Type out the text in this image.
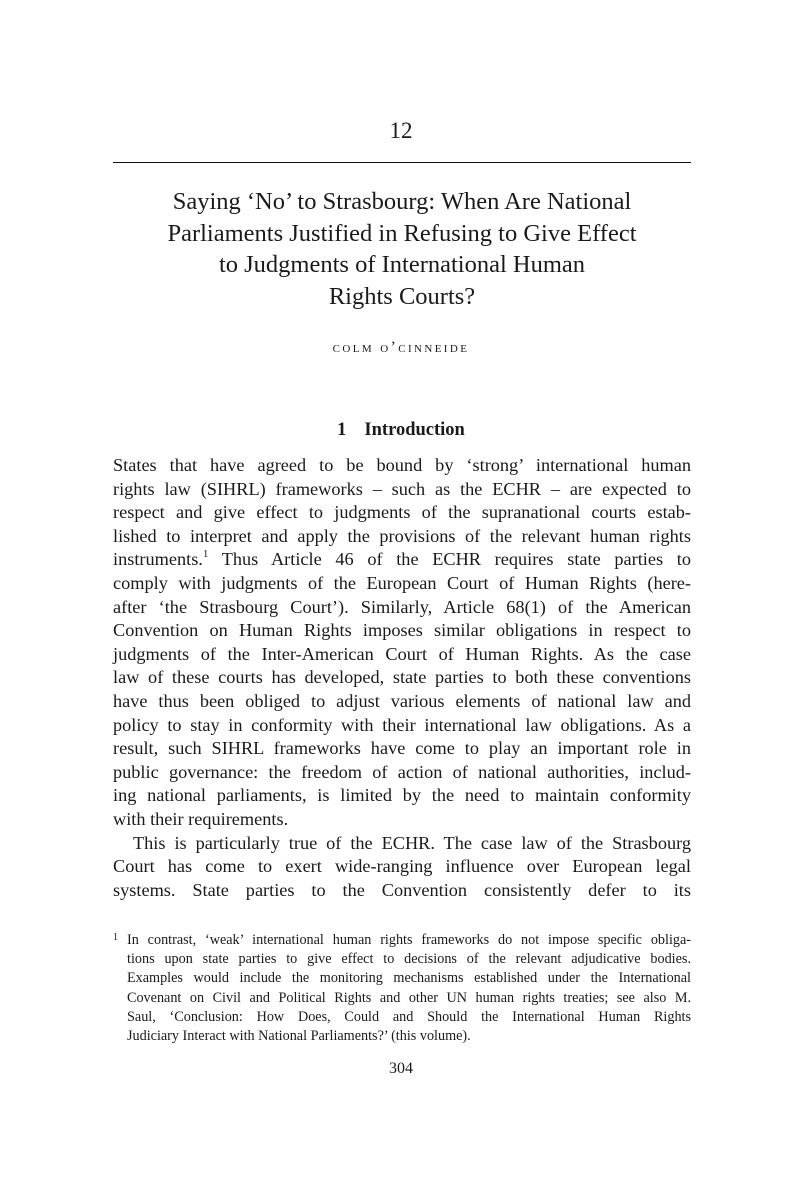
12
Saying ‘No’ to Strasbourg: When Are National
Parliaments Justified in Refusing to Give Effect
to Judgments of International Human
Rights Courts?
colm o’cinneide
1 Introduction
States that have agreed to be bound by ‘strong’ international human
rights law (SIHRL) frameworks – such as the ECHR – are expected to
respect and give effect to judgments of the supranational courts estab-
lished to interpret and apply the provisions of the relevant human rights
instruments.$^1$ Thus Article 46 of the ECHR requires state parties to
comply with judgments of the European Court of Human Rights (here-
after ‘the Strasbourg Court’). Similarly, Article 68(1) of the American
Convention on Human Rights imposes similar obligations in respect to
judgments of the Inter-American Court of Human Rights. As the case
law of these courts has developed, state parties to both these conventions
have thus been obliged to adjust various elements of national law and
policy to stay in conformity with their international law obligations. As a
result, such SIHRL frameworks have come to play an important role in
public governance: the freedom of action of national authorities, includ-
ing national parliaments, is limited by the need to maintain conformity
with their requirements.
This is particularly true of the ECHR. The case law of the Strasbourg
Court has come to exert wide-ranging influence over European legal
systems. State parties to the Convention consistently defer to its
1 In contrast, ‘weak’ international human rights frameworks do not impose specific obliga-
tions upon state parties to give effect to decisions of the relevant adjudicative bodies.
Examples would include the monitoring mechanisms established under the International
Covenant on Civil and Political Rights and other UN human rights treaties; see also M.
Saul, ‘Conclusion: How Does, Could and Should the International Human Rights
Judiciary Interact with National Parliaments?’ (this volume).
304
